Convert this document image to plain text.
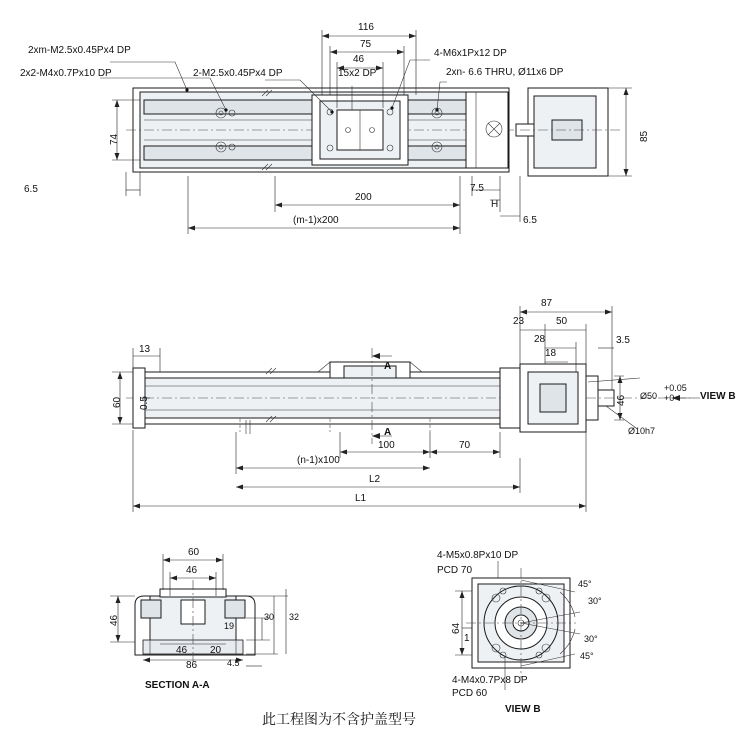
2xm-M2.5x0.45Px4 DP
2x2-M4x0.7Px10 DP	2-M2.5x0.45Px4 DP
4-M6x1Px12 DP
2xn- 6.6 THRU, Ø11x6 DP
116
75
46
15x2 DP
74	85
6.5	7.5
200
(m-1)x200	6.5
H
13
60 0.5
87
23	50
28
18
3.5
46 Ø50
+0.05
+0
Ø10h7
100	70
(n-1)x100
L2
L1
A
A
VIEW B
60
46
46
46 20
86
19
30 32
4.5
SECTION A-A
4-M5x0.8Px10 DP
PCD 70
4-M4x0.7Px8 DP
PCD 60
64
1
45°
30°
30°
45°
VIEW B
此工程图为不含护盖型号
